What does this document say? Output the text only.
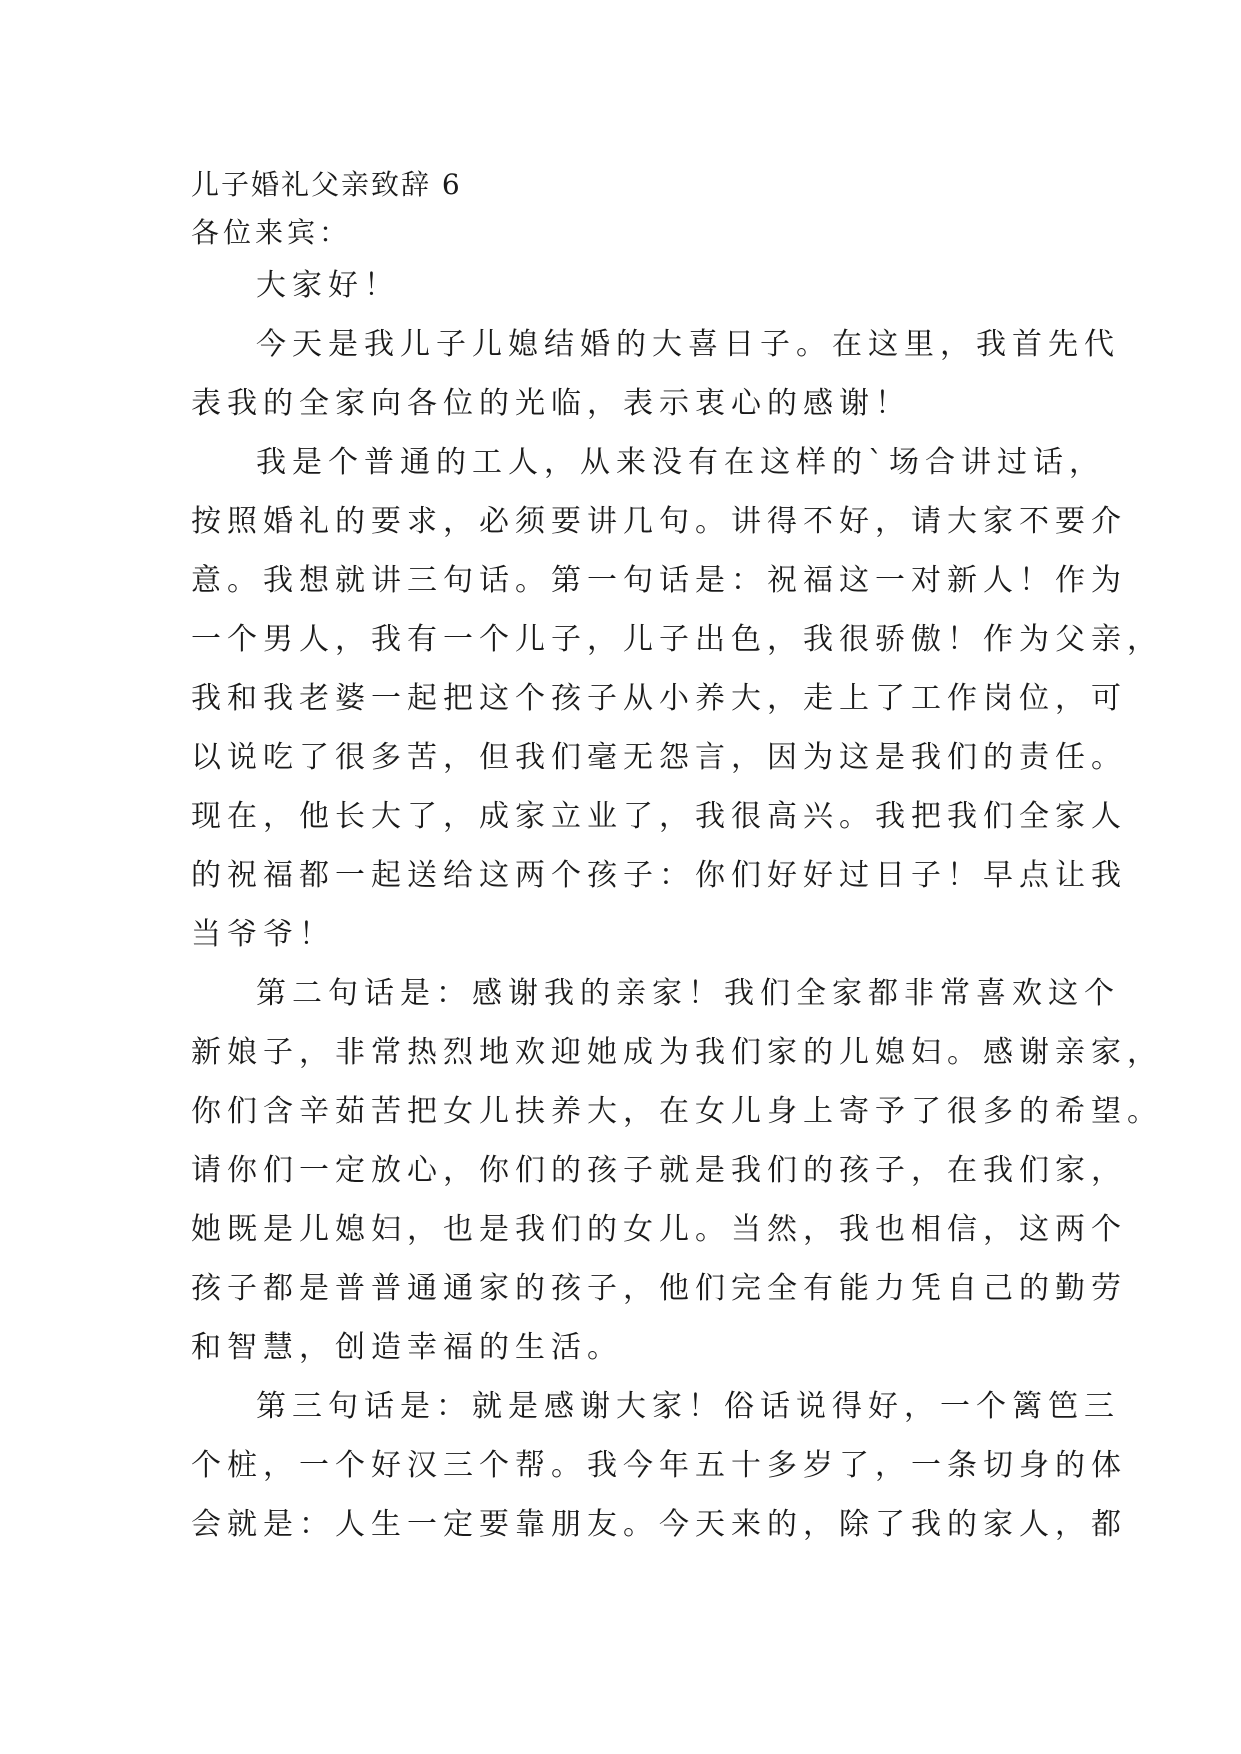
儿子婚礼父亲致辞 6
各位来宾：
大家好！
今天是我儿子儿媳结婚的大喜日子。在这里，我首先代
表我的全家向各位的光临，表示衷心的感谢！
我是个普通的工人，从来没有在这样的`场合讲过话，
按照婚礼的要求，必须要讲几句。讲得不好，请大家不要介
意。我想就讲三句话。第一句话是：祝福这一对新人！作为
一个男人，我有一个儿子，儿子出色，我很骄傲！作为父亲，
我和我老婆一起把这个孩子从小养大，走上了工作岗位，可
以说吃了很多苦，但我们毫无怨言，因为这是我们的责任。
现在，他长大了，成家立业了，我很高兴。我把我们全家人
的祝福都一起送给这两个孩子：你们好好过日子！早点让我
当爷爷！
第二句话是：感谢我的亲家！我们全家都非常喜欢这个
新娘子，非常热烈地欢迎她成为我们家的儿媳妇。感谢亲家，
你们含辛茹苦把女儿扶养大，在女儿身上寄予了很多的希望。
请你们一定放心，你们的孩子就是我们的孩子，在我们家，
她既是儿媳妇，也是我们的女儿。当然，我也相信，这两个
孩子都是普普通通家的孩子，他们完全有能力凭自己的勤劳
和智慧，创造幸福的生活。
第三句话是：就是感谢大家！俗话说得好，一个篱笆三
个桩，一个好汉三个帮。我今年五十多岁了，一条切身的体
会就是：人生一定要靠朋友。今天来的，除了我的家人，都
